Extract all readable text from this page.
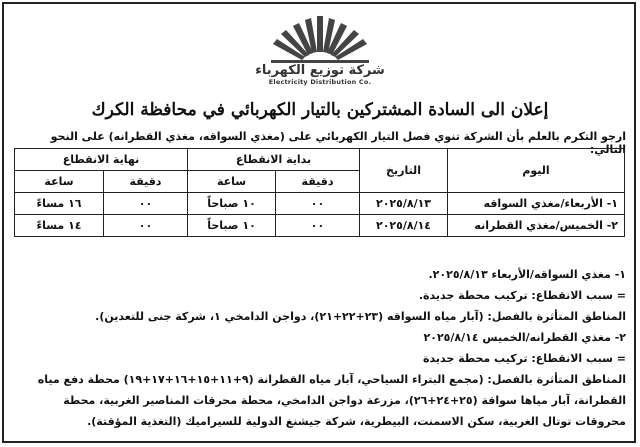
شركة توزيع الكهرباء
Electricity Distribution Co.
إعلان الى السادة المشتركين بالتيار الكهربائي في محافظة الكرك
ارجو التكرم بالعلم بأن الشركة تنوي فصل التيار الكهربائي على (مغذي السواقه، مغذي القطرانه) على النحو التالي:
اليوم	التاريخ	بداية الانقطاع		نهاية الانقطاع	
		دقيقة	ساعة	دقيقة	ساعة
١- الأربعاء/مغذي السواقه	٢٠٢٥/٨/١٣	٠٠	١٠ صباحاً	٠٠	١٦ مساءً
٢- الخميس/مغذي القطرانه	٢٠٢٥/٨/١٤	٠٠	١٠ صباحاً	٠٠	١٤ مساءً

١- مغذي السواقه/الأربعاء ٢٠٢٥/٨/١٣.

= سبب الانقطاع: تركيب محطة جديدة.

المناطق المتأثرة بالفصل: (آبار مياه السواقه (٢٣+٢٢+٢١)، دواجن الدامخي ١، شركة جنى للتعدين).

٢- مغذي القطرانه/الخميس ٢٠٢٥/٨/١٤

= سبب الانقطاع: تركيب محطة جديدة

المناطق المتأثرة بالفصل: (مجمع البتراء السياحي، آبار مياه القطرانة (٩+١١+١٥+١٦+١٧+١٩) محطة دفع مياه القطرانة، آبار مياها سواقة (٢٥+٢٤+٢٦)، مزرعة دواجن الدامخي، محطة محرقات المناصير الغربية، محطة محروقات توتال الغربية، سكن الاسمنت، البيطرية، شركة جيشنغ الدولية للسيراميك (التغذية المؤقتة).
